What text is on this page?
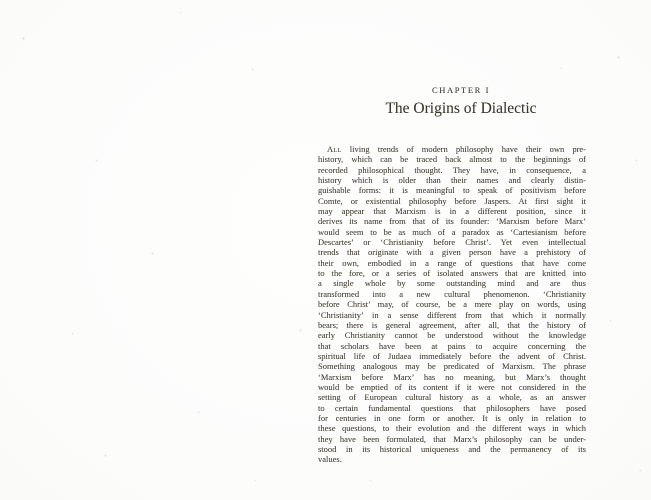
CHAPTER I
The Origins of Dialectic
All living trends of modern philosophy have their own pre-
history, which can be traced back almost to the beginnings of
recorded philosophical thought. They have, in consequence, a
history which is older than their names and clearly distin-
guishable forms: it is meaningful to speak of positivism before
Comte, or existential philosophy before Jaspers. At first sight it
may appear that Marxism is in a different position, since it
derives its name from that of its founder: ‘Marxism before Marx’
would seem to be as much of a paradox as ‘Cartesianism before
Descartes’ or ‘Christianity before Christ’. Yet even intellectual
trends that originate with a given person have a prehistory of
their own, embodied in a range of questions that have come
to the fore, or a series of isolated answers that are knitted into
a single whole by some outstanding mind and are thus
transformed into a new cultural phenomenon. ‘Christianity
before Christ’ may, of course, be a mere play on words, using
‘Christianity’ in a sense different from that which it normally
bears; there is general agreement, after all, that the history of
early Christianity cannot be understood without the knowledge
that scholars have been at pains to acquire concerning the
spiritual life of Judaea immediately before the advent of Christ.
Something analogous may be predicated of Marxism. The phrase
‘Marxism before Marx’ has no meaning, but Marx’s thought
would be emptied of its content if it were not considered in the
setting of European cultural history as a whole, as an answer
to certain fundamental questions that philosophers have posed
for centuries in one form or another. It is only in relation to
these questions, to their evolution and the different ways in which
they have been formulated, that Marx’s philosophy can be under-
stood in its historical uniqueness and the permanency of its
values.
